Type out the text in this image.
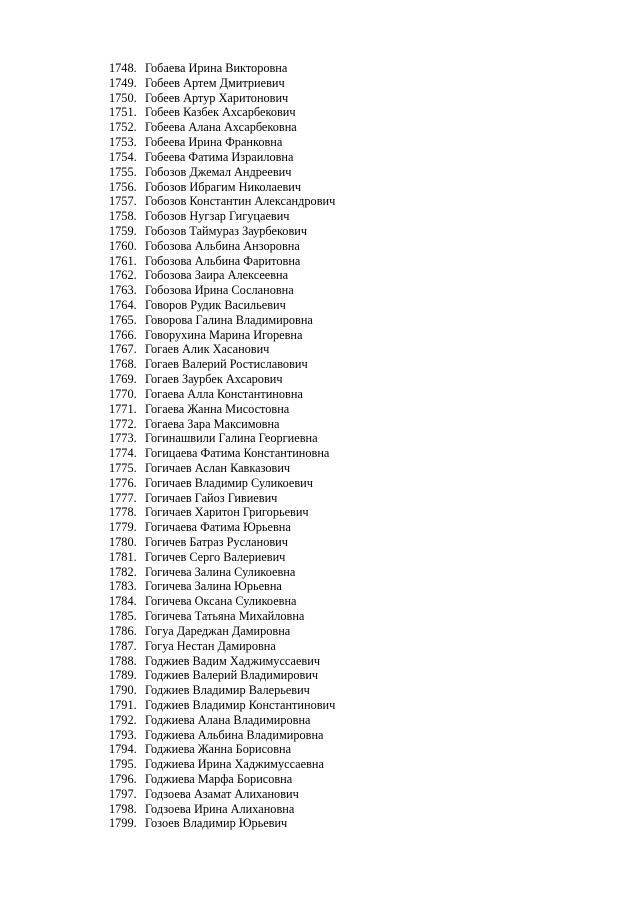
1748. Гобаева Ирина Викторовна
1749. Гобеев Артем Дмитриевич
1750. Гобеев Артур Харитонович
1751. Гобеев Казбек Ахсарбекович
1752. Гобеева Алана Ахсарбековна
1753. Гобеева Ирина Франковна
1754. Гобеева Фатима Израиловна
1755. Гобозов Джемал Андреевич
1756. Гобозов Ибрагим Николаевич
1757. Гобозов Константин Александрович
1758. Гобозов Нугзар Гигуцаевич
1759. Гобозов Таймураз Заурбекович
1760. Гобозова Альбина Анзоровна
1761. Гобозова Альбина Фаритовна
1762. Гобозова Заира Алексеевна
1763. Гобозова Ирина Сослановна
1764. Говоров Рудик Васильевич
1765. Говорова Галина Владимировна
1766. Говорухина Марина Игоревна
1767. Гогаев Алик Хасанович
1768. Гогаев Валерий Ростиславович
1769. Гогаев Заурбек Ахсарович
1770. Гогаева Алла Константиновна
1771. Гогаева Жанна Мисостовна
1772. Гогаева Зара Максимовна
1773. Гогинашвили Галина Георгиевна
1774. Гогицаева Фатима Константиновна
1775. Гогичаев Аслан Кавказович
1776. Гогичаев Владимир Суликоевич
1777. Гогичаев Гайоз Гивиевич
1778. Гогичаев Харитон Григорьевич
1779. Гогичаева Фатима Юрьевна
1780. Гогичев Батраз Русланович
1781. Гогичев Серго Валериевич
1782. Гогичева Залина Суликоевна
1783. Гогичева Залина Юрьевна
1784. Гогичева Оксана Суликоевна
1785. Гогичева Татьяна Михайловна
1786. Гогуа Дареджан Дамировна
1787. Гогуа Нестан Дамировна
1788. Годжиев Вадим Хаджимуссаевич
1789. Годжиев Валерий Владимирович
1790. Годжиев Владимир Валерьевич
1791. Годжиев Владимир Константинович
1792. Годжиева Алана Владимировна
1793. Годжиева Альбина Владимировна
1794. Годжиева Жанна Борисовна
1795. Годжиева Ирина Хаджимуссаевна
1796. Годжиева Марфа Борисовна
1797. Годзоева Азамат Алиханович
1798. Годзоева Ирина Алихановна
1799. Гозоев Владимир Юрьевич
